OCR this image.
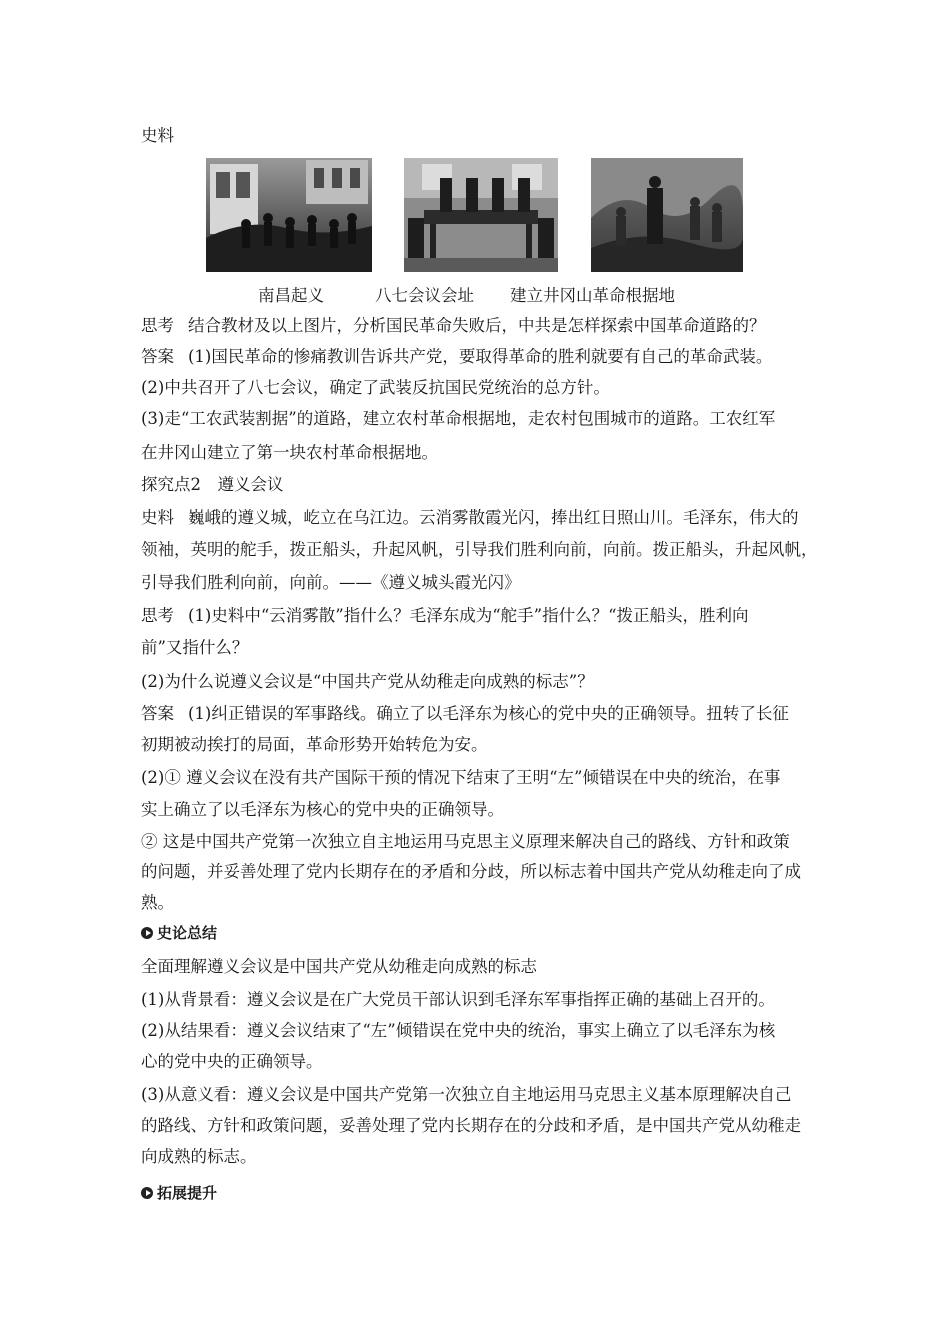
史料
南昌起义	八七会议会址 建立井冈山革命根据地
思考 结合教材及以上图片，分析国民革命失败后，中共是怎样探索中国革命道路的？
答案 (1)国民革命的惨痛教训告诉共产党，要取得革命的胜利就要有自己的革命武装。
(2)中共召开了八七会议，确定了武装反抗国民党统治的总方针。
(3)走“工农武装割据”的道路，建立农村革命根据地，走农村包围城市的道路。工农红军
在井冈山建立了第一块农村革命根据地。
探究点2　遵义会议
史料 巍峨的遵义城，屹立在乌江边。云消雾散霞光闪，捧出红日照山川。毛泽东，伟大的
领袖，英明的舵手，拨正船头，升起风帆，引导我们胜利向前，向前。拨正船头，升起风帆，
引导我们胜利向前，向前。——《遵义城头霞光闪》
思考 (1)史料中“云消雾散”指什么？毛泽东成为“舵手”指什么？“拨正船头，胜利向
前”又指什么？
(2)为什么说遵义会议是“中国共产党从幼稚走向成熟的标志”？
答案 (1)纠正错误的军事路线。确立了以毛泽东为核心的党中央的正确领导。扭转了长征
初期被动挨打的局面，革命形势开始转危为安。
(2)① 遵义会议在没有共产国际干预的情况下结束了王明“左”倾错误在中央的统治，在事
实上确立了以毛泽东为核心的党中央的正确领导。
② 这是中国共产党第一次独立自主地运用马克思主义原理来解决自己的路线、方针和政策
的问题，并妥善处理了党内长期存在的矛盾和分歧，所以标志着中国共产党从幼稚走向了成
熟。
史论总结
全面理解遵义会议是中国共产党从幼稚走向成熟的标志
(1)从背景看：遵义会议是在广大党员干部认识到毛泽东军事指挥正确的基础上召开的。
(2)从结果看：遵义会议结束了“左”倾错误在党中央的统治，事实上确立了以毛泽东为核
心的党中央的正确领导。
(3)从意义看：遵义会议是中国共产党第一次独立自主地运用马克思主义基本原理解决自己
的路线、方针和政策问题，妥善处理了党内长期存在的分歧和矛盾，是中国共产党从幼稚走
向成熟的标志。
拓展提升
